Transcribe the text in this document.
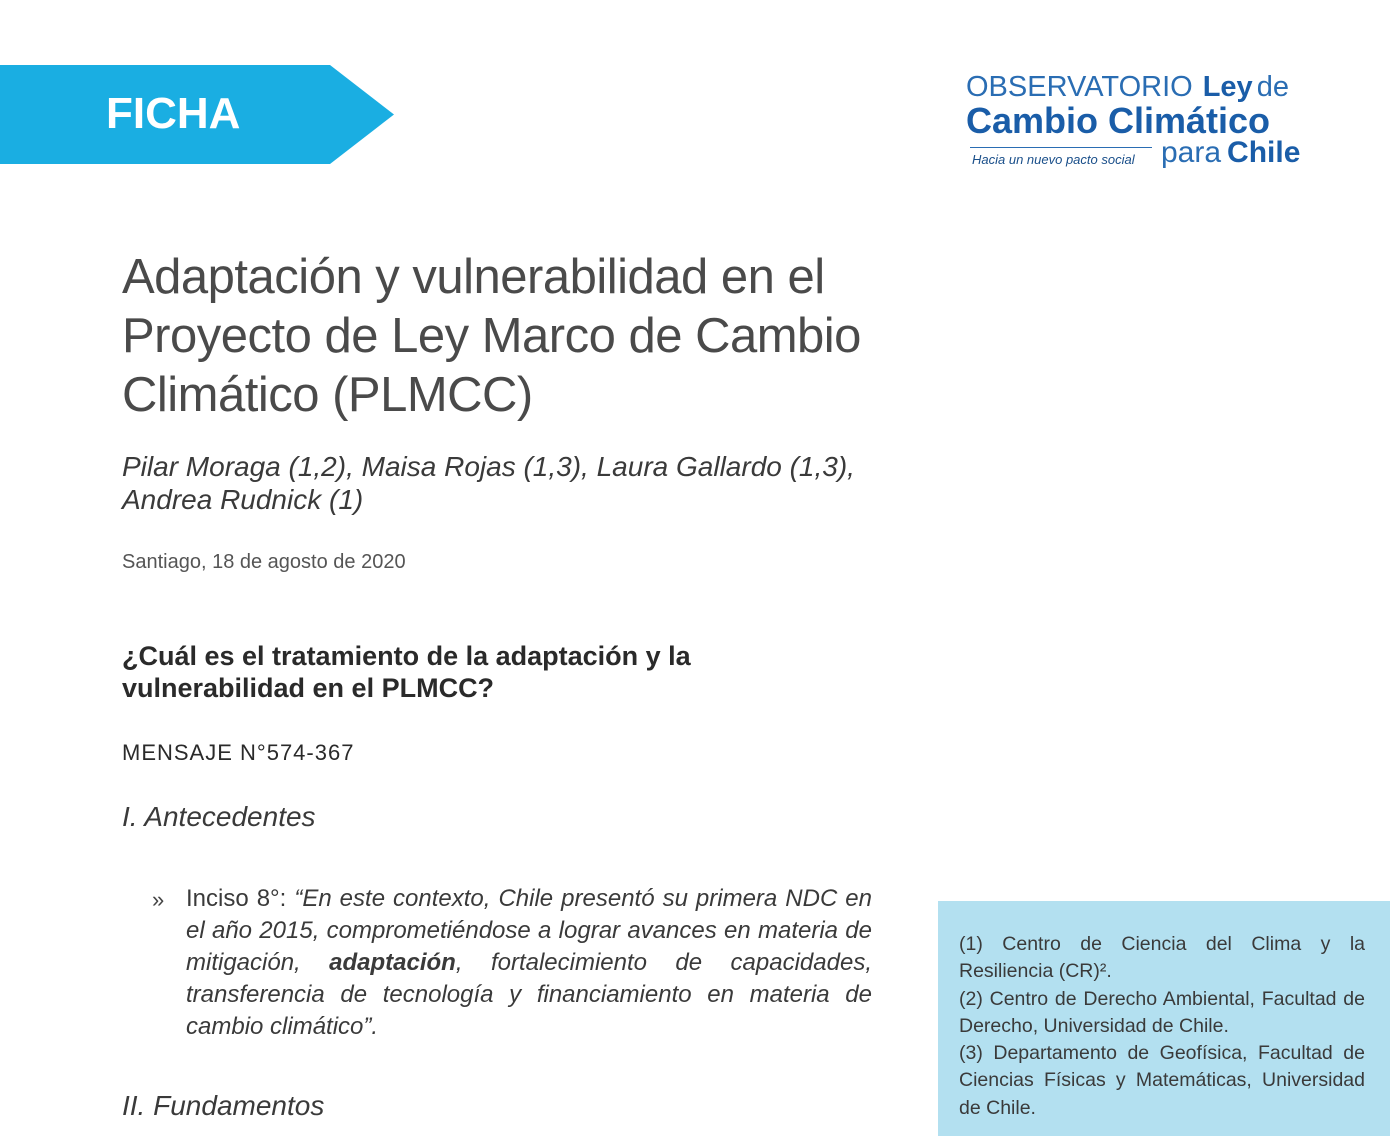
FICHA
OBSERVATORIO Ley de
Cambio Climático
Hacia un nuevo pacto social para Chile
Adaptación y vulnerabilidad en el
Proyecto de Ley Marco de Cambio
Climático (PLMCC)
Pilar Moraga (1,2), Maisa Rojas (1,3), Laura Gallardo (1,3),
Andrea Rudnick (1)
Santiago, 18 de agosto de 2020
¿Cuál es el tratamiento de la adaptación y la
vulnerabilidad en el PLMCC?
MENSAJE N°574-367
I. Antecedentes
» Inciso 8°: “En este contexto, Chile presentó su primera NDC en el año 2015, comprometiéndose a lograr avances en materia de mitigación, adaptación, fortalecimiento de capacidades, transferencia de tecnología y financiamiento en materia de cambio climático”.
II. Fundamentos
(1) Centro de Ciencia del Clima y la Resiliencia (CR)².
(2) Centro de Derecho Ambiental, Facultad de Derecho, Universidad de Chile.
(3) Departamento de Geofísica, Facultad de Ciencias Físicas y Matemáticas, Universidad de Chile.
